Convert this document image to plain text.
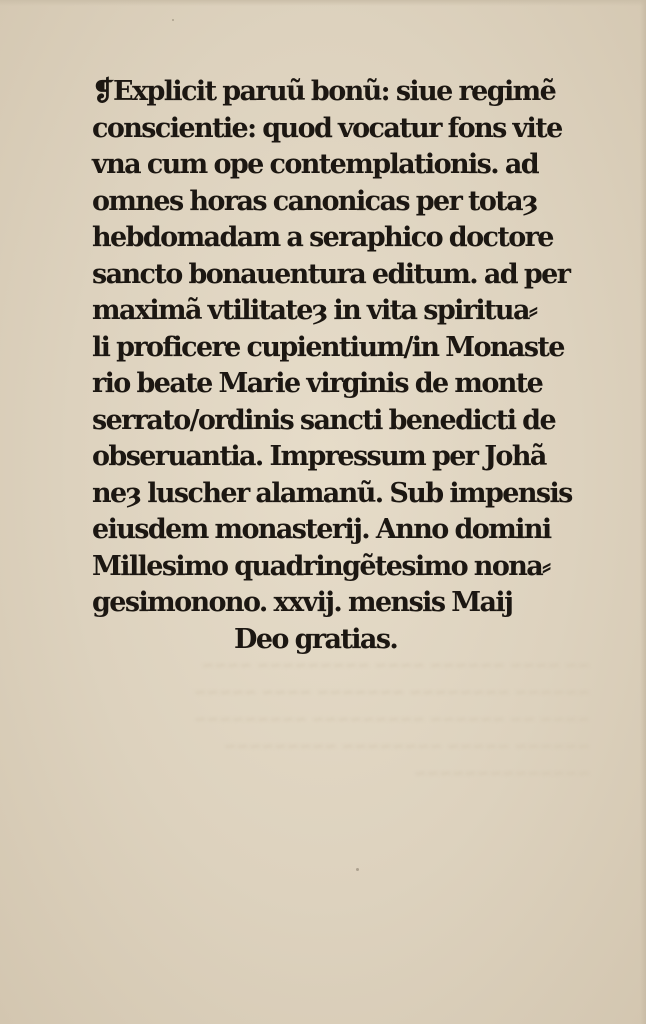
~~ ~~~~ ~~~~~~ ~~~~ ~~~~~~~~~ ~~~~
~~~~~~ ~~~~~~~~ ~~~~~~~ ~~~~ ~~~~~
~~~~ ~~ ~~~~~~ ~~~~~~~~~ ~~~~~~~~~
~~~~~~ ~~~~~ ~~~~~~~~ ~~~~~~~~~
~~~~~~~~~~~~~~
❡Explicit paruũ bonũ: siue regimẽ
conscientie: quod vocatur fons vite
vna cum ope contemplationis. ad
omnes horas canonicas per totaȝ
hebdomadam a seraphico doctore
sancto bonauentura editum. ad per
maximã vtilitateȝ in vita spiritua⸗
li proficere cupientium/in Monaste
rio beate Marie virginis de monte
serrato/ordinis sancti benedicti de
obseruantia. Impressum per Johã
neȝ luscher alamanũ. Sub impensis
eiusdem monasterij. Anno domini
Millesimo quadringẽtesimo nona⸗
gesimonono. xxvij. mensis Maij
Deo gratias.
